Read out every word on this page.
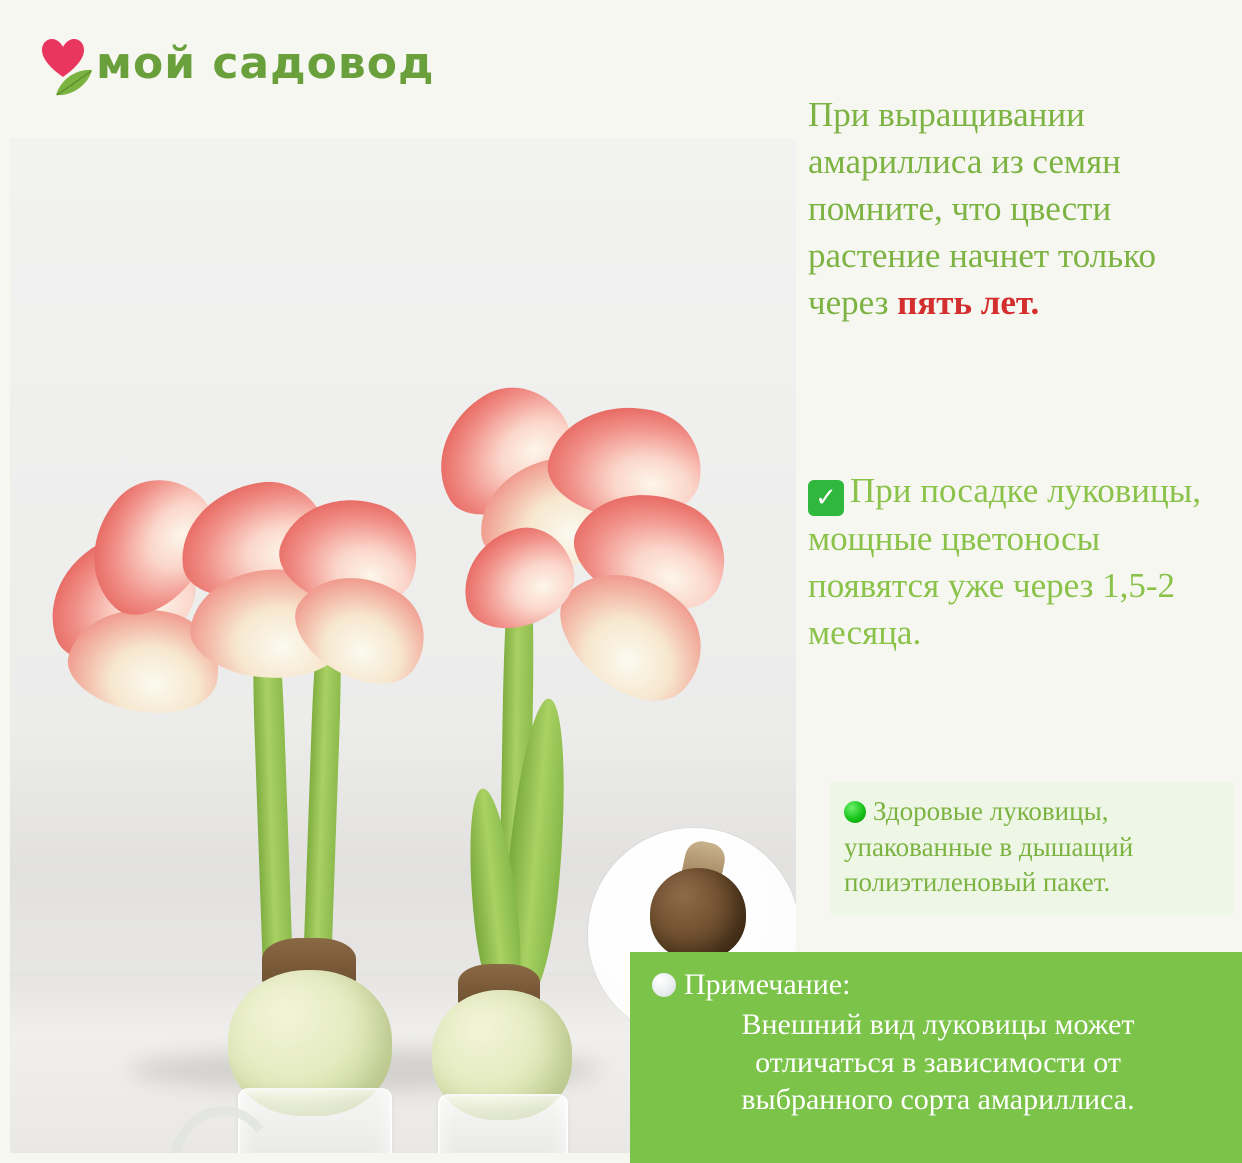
мой садовод
При выращивании амариллиса из семян помните, что цвести растение начнет только через пять лет.
✓ При посадке луковицы, мощные цветоносы появятся уже через 1,5-2 месяца.
Здоровые луковицы, упакованные в дышащий полиэтиленовый пакет.
Примечание:
Внешний вид луковицы может
отличаться в зависимости от
выбранного сорта амариллиса.
